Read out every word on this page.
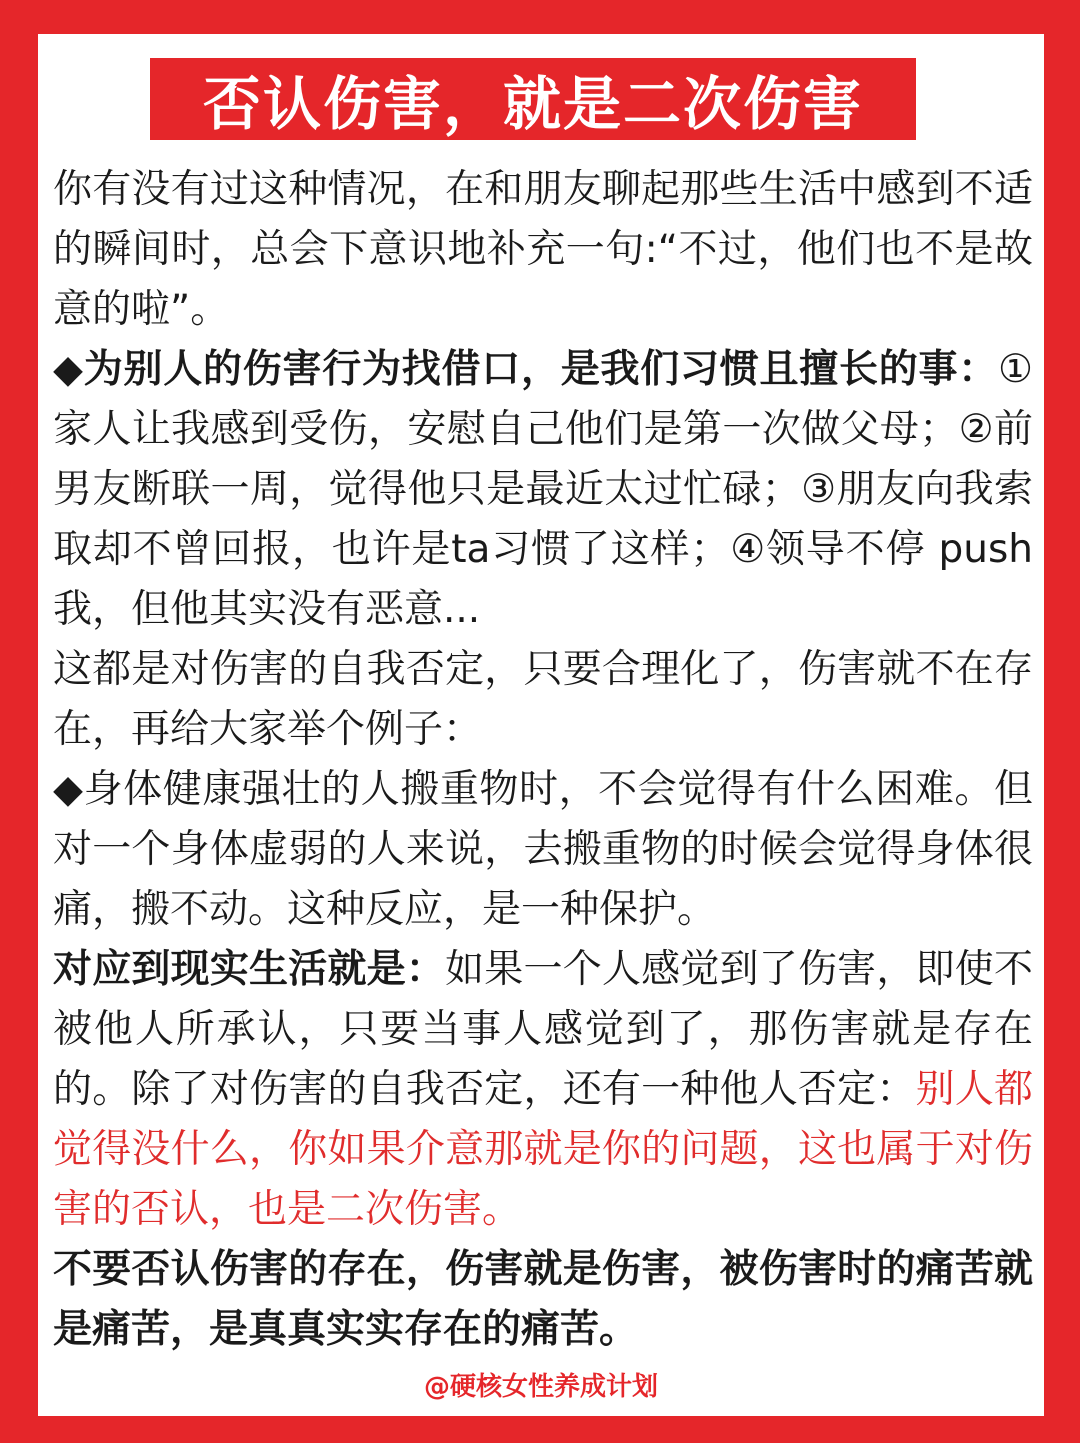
否认伤害，就是二次伤害

你有没有过这种情况，在和朋友聊起那些生活中感到不适的瞬间时，总会下意识地补充一句:“不过，他们也不是故意的啦”。

◆为别人的伤害行为找借口，是我们习惯且擅长的事：①家人让我感到受伤，安慰自己他们是第一次做父母；②前男友断联一周，觉得他只是最近太过忙碌；③朋友向我索取却不曾回报，也许是ta习惯了这样；④领导不停 push 我，但他其实没有恶意...

这都是对伤害的自我否定，只要合理化了，伤害就不在存在，再给大家举个例子：

◆身体健康强壮的人搬重物时，不会觉得有什么困难。但对一个身体虚弱的人来说，去搬重物的时候会觉得身体很痛，搬不动。这种反应，是一种保护。

对应到现实生活就是：如果一个人感觉到了伤害，即使不被他人所承认，只要当事人感觉到了，那伤害就是存在的。除了对伤害的自我否定，还有一种他人否定：别人都觉得没什么，你如果介意那就是你的问题，这也属于对伤害的否认，也是二次伤害。

不要否认伤害的存在，伤害就是伤害，被伤害时的痛苦就是痛苦，是真真实实存在的痛苦。

@硬核女性养成计划
